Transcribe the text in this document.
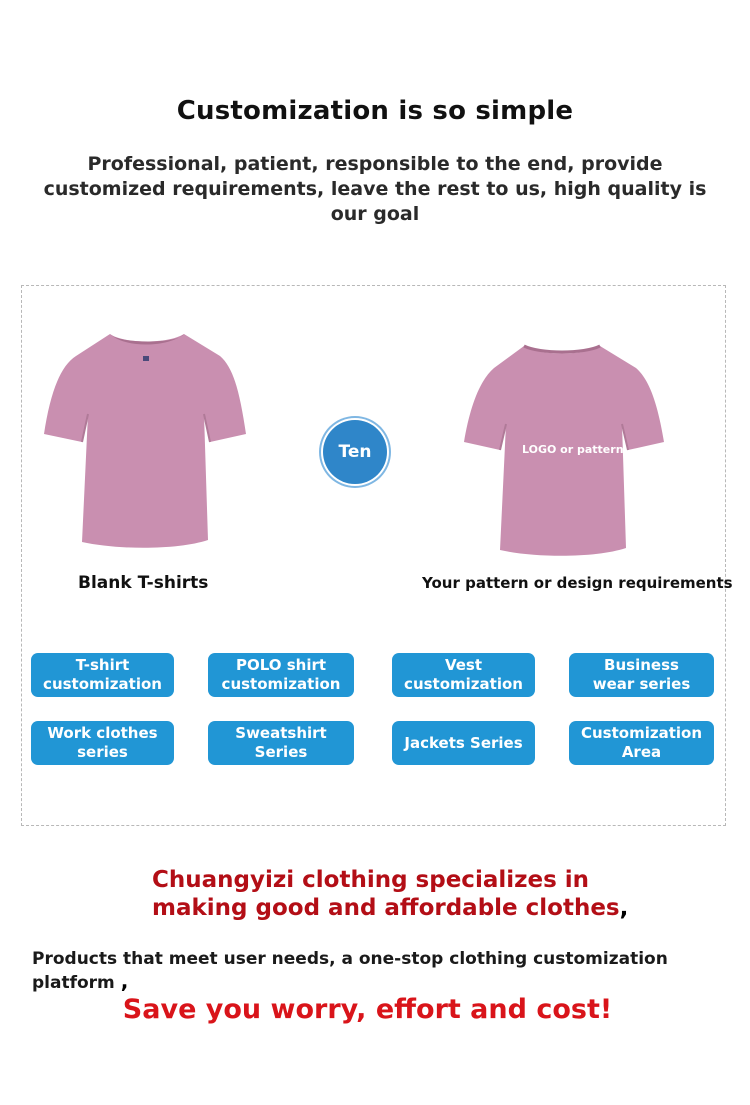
Customization is so simple
Professional, patient, responsible to the end, provide customized requirements, leave the rest to us, high quality is our goal
Blank T-shirts
Ten	LOGO or pattern
Your pattern or design requirements
T-shirt
customization
POLO shirt
customization
Vest
customization
Business
wear series
Work clothes
series
Sweatshirt
Series
Jackets Series
Customization
Area
Chuangyizi clothing specializes in
making good and affordable clothes,
Products that meet user needs, a one-stop clothing customization platform ,
Save you worry, effort and cost!
